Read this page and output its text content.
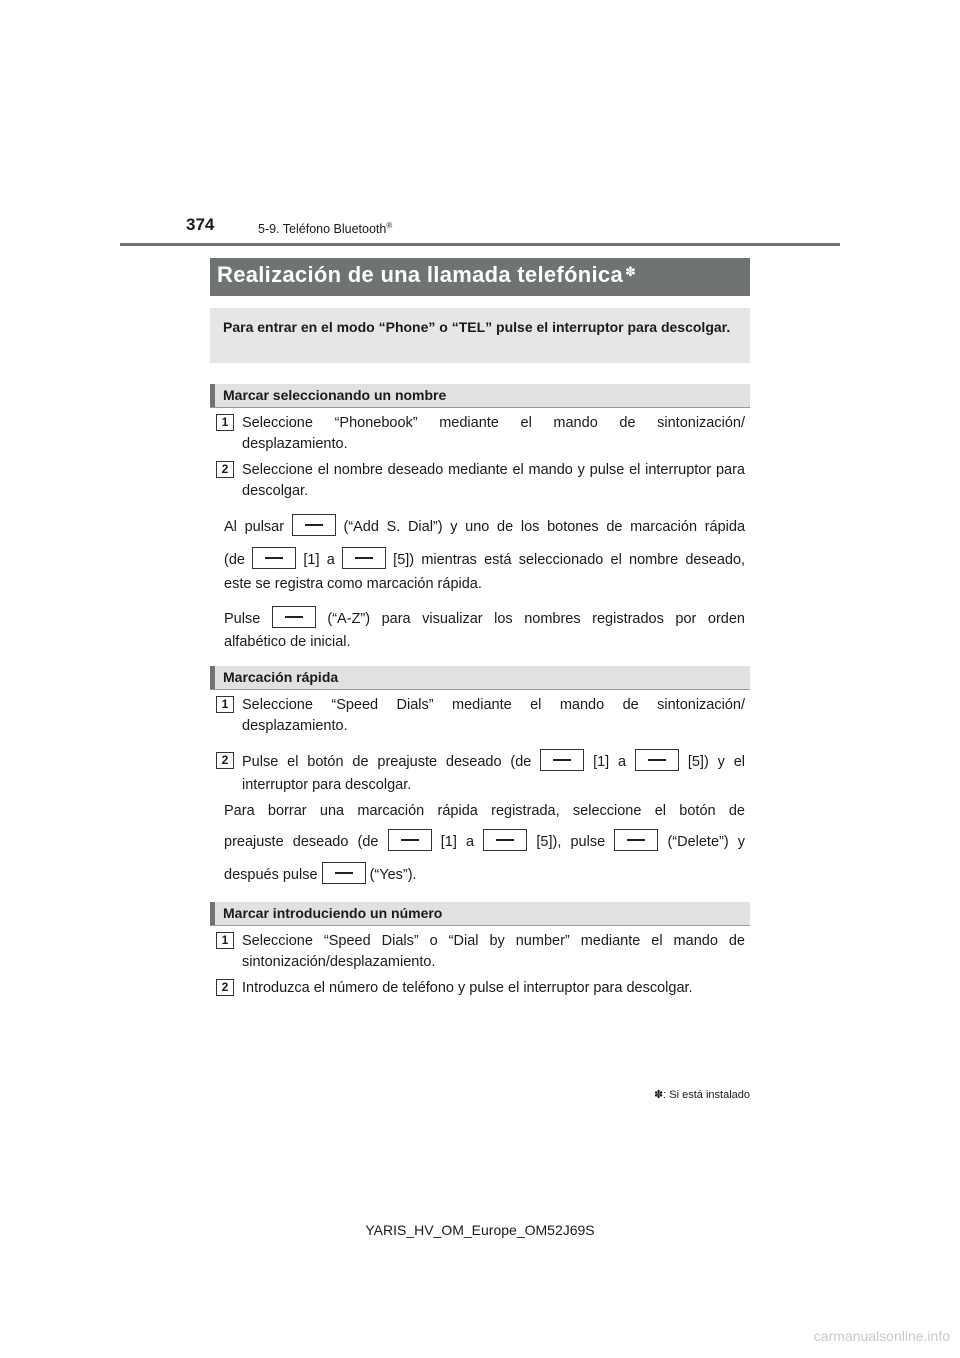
374	5-9. Teléfono Bluetooth®
Realización de una llamada telefónica ✽
Para entrar en el modo “Phone” o “TEL” pulse el interruptor para descolgar.
Marcar seleccionando un nombre
1 Seleccione “Phonebook” mediante el mando de sintonización/ desplazamiento.
2 Seleccione el nombre deseado mediante el mando y pulse el interruptor para descolgar.
Al pulsar	(“Add S. Dial”) y uno de los botones de marcación rápida
(de	[1] a	[5]) mientras está seleccionado el nombre deseado,
este se registra como marcación rápida.
Pulse	(“A-Z”) para visualizar los nombres registrados por orden
alfabético de inicial.
Marcación rápida
1 Seleccione “Speed Dials” mediante el mando de sintonización/ desplazamiento.
2 Pulse el botón de preajuste deseado (de	[1] a	[5]) y el
interruptor para descolgar.
Para borrar una marcación rápida registrada, seleccione el botón de
preajuste deseado (de	[1] a	[5]), pulse	(“Delete”) y
después pulse	(“Yes”).
Marcar introduciendo un número
1 Seleccione “Speed Dials” o “Dial by number” mediante el mando de sintonización/desplazamiento.
2 Introduzca el número de teléfono y pulse el interruptor para descolgar.
✽: Si está instalado
YARIS_HV_OM_Europe_OM52J69S
carmanualsonline.info
